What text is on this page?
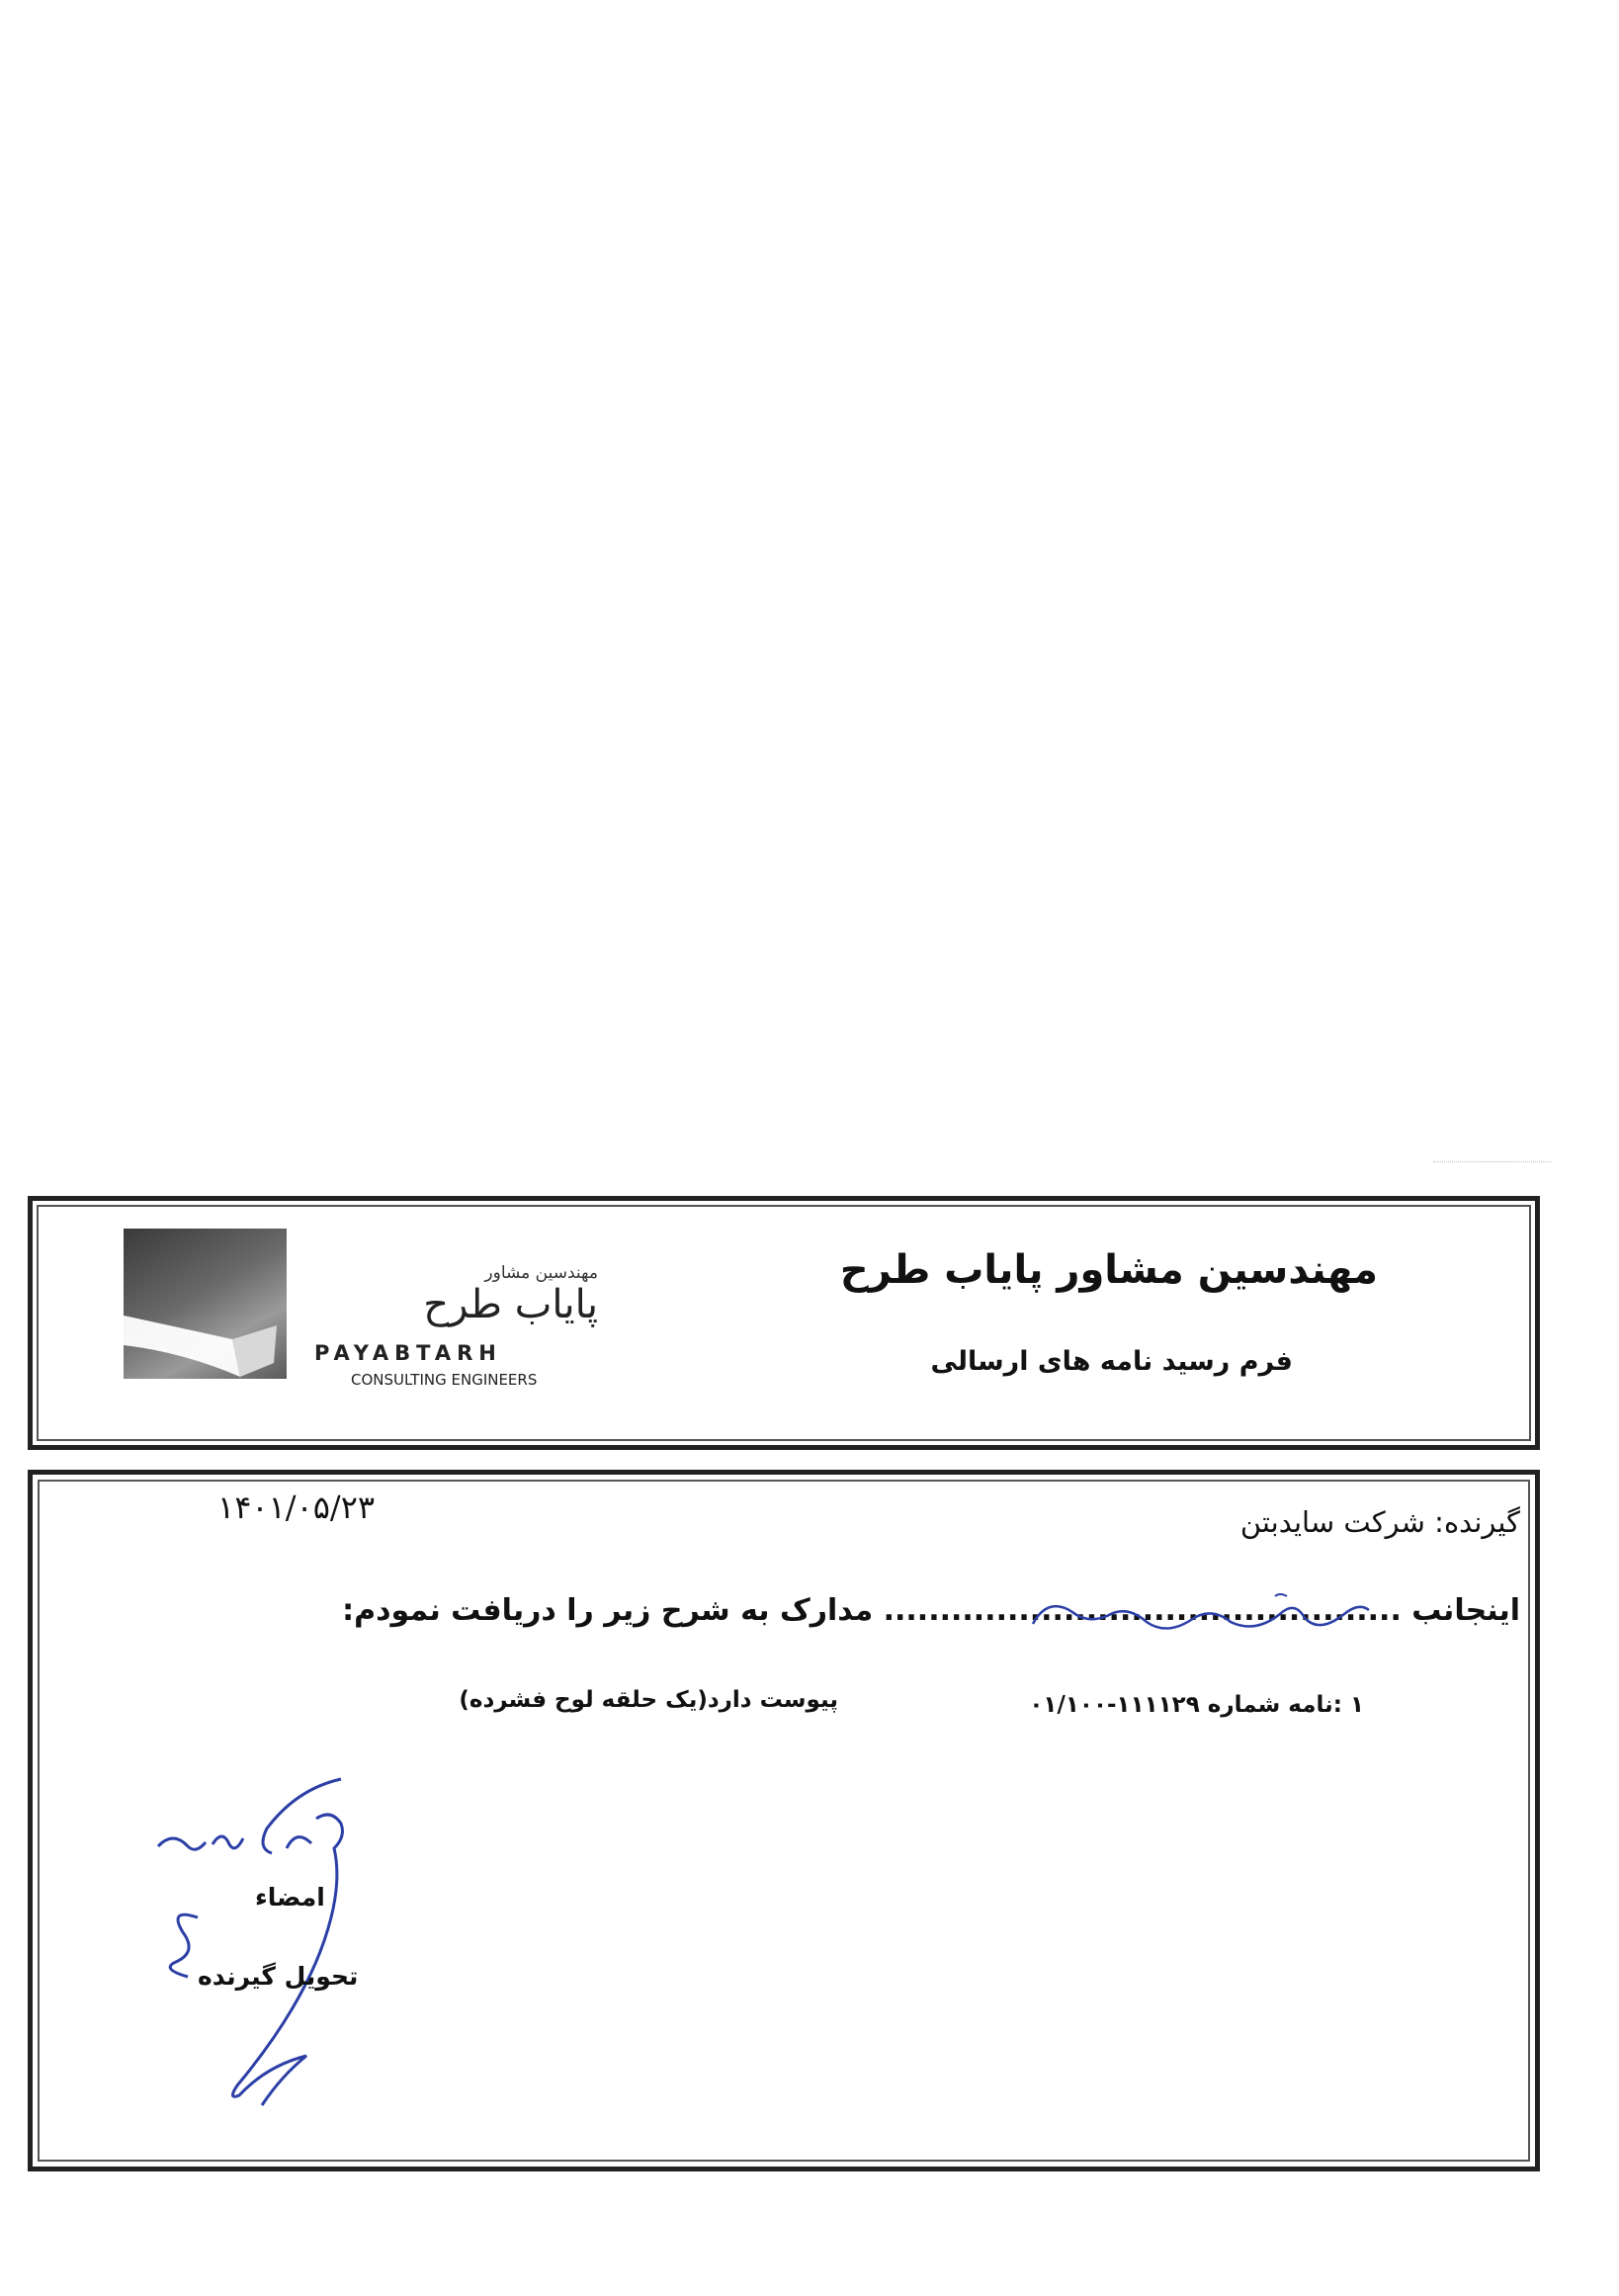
مهندسین مشاور
پایاب طرح
PAYABTARH
CONSULTING ENGINEERS
مهندسین مشاور پایاب طرح
فرم رسید نامه های ارسالی
۱۴۰۱/۰۵/۲۳	گیرنده: شرکت سایدبتن
اینجانب .............................................. مدارک به شرح زیر را دریافت نمودم:
۱ :نامه شماره ۱۱۱۱۲۹-۰۱/۱۰۰
پیوست دارد(یک حلقه لوح فشرده)
امضاء
تحویل گیرنده
